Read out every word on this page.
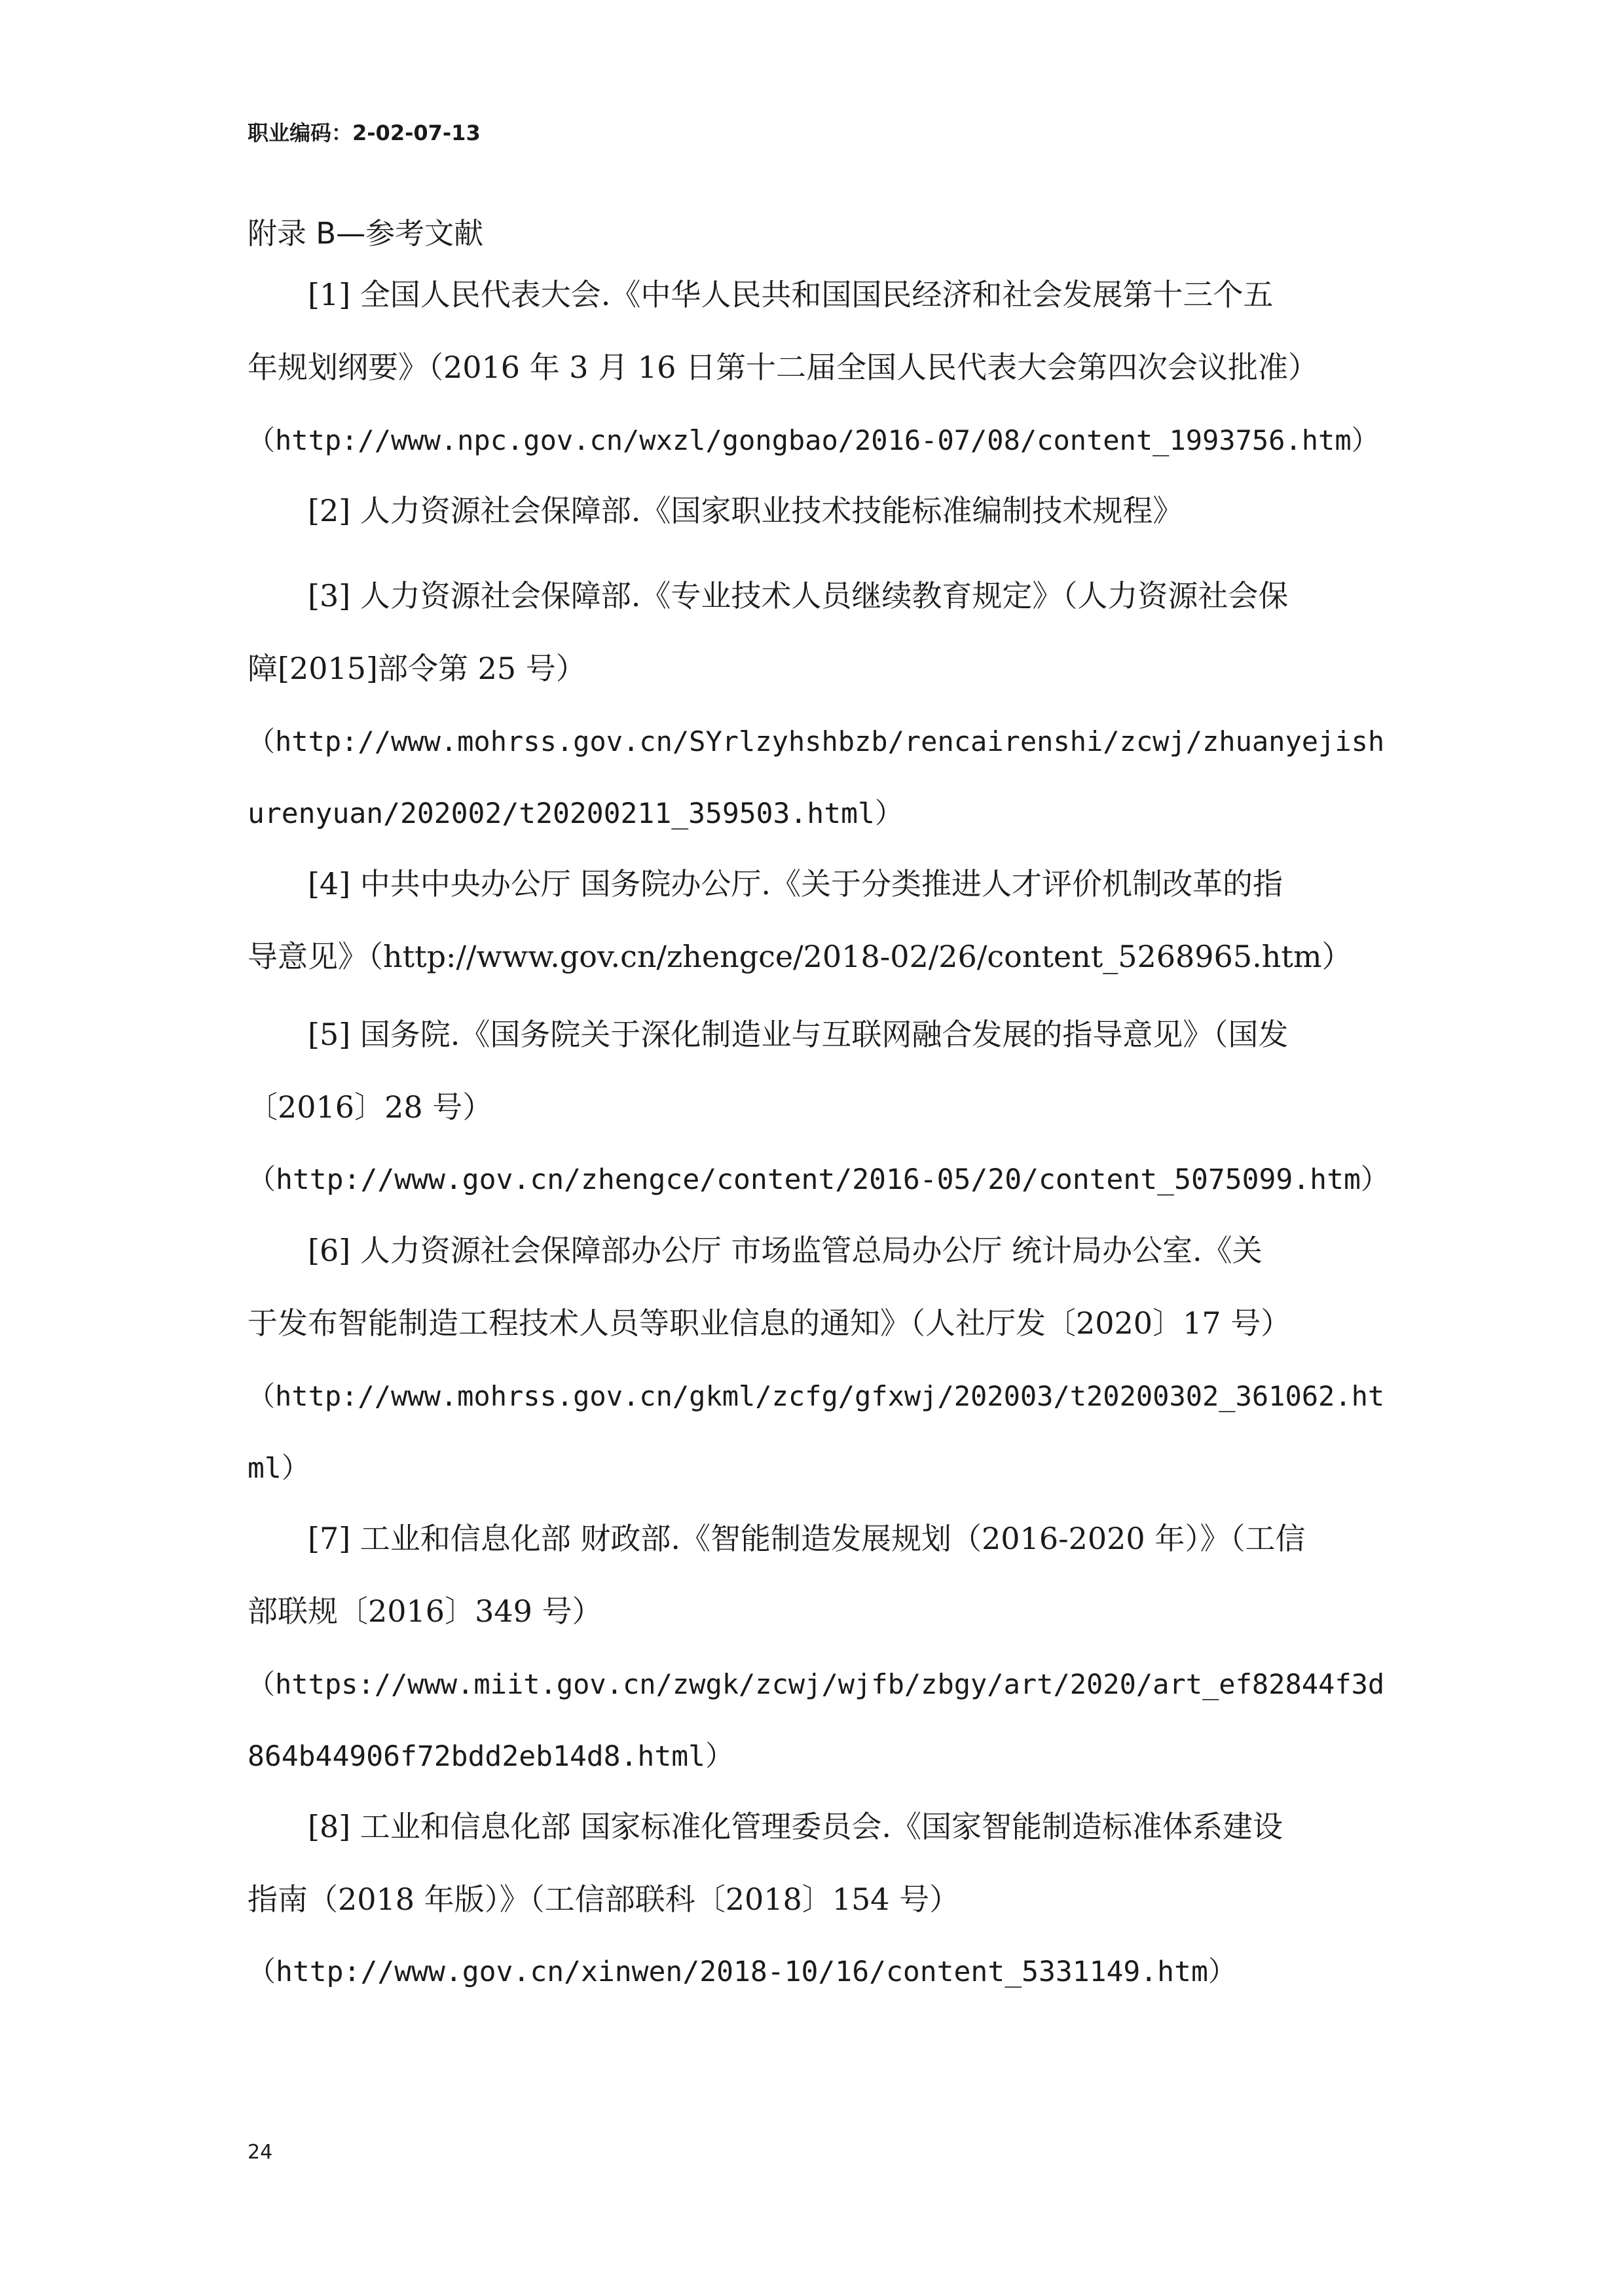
职业编码：2-02-07-13

附录 B—参考文献

[1] 全国人民代表大会.《中华人民共和国国民经济和社会发展第十三个五

年规划纲要》（2016 年 3 月 16 日第十二届全国人民代表大会第四次会议批准）

（http://www.npc.gov.cn/wxzl/gongbao/2016-07/08/content_1993756.htm）

[2] 人力资源社会保障部.《国家职业技术技能标准编制技术规程》

[3] 人力资源社会保障部.《专业技术人员继续教育规定》（人力资源社会保

障[2015]部令第 25 号）

（http://www.mohrss.gov.cn/SYrlzyhshbzb/rencairenshi/zcwj/zhuanyejish

urenyuan/202002/t20200211_359503.html）

[4] 中共中央办公厅 国务院办公厅.《关于分类推进人才评价机制改革的指

导意见》（http://www.gov.cn/zhengce/2018-02/26/content_5268965.htm）

[5] 国务院.《国务院关于深化制造业与互联网融合发展的指导意见》（国发

〔2016〕28 号）

（http://www.gov.cn/zhengce/content/2016-05/20/content_5075099.htm）

[6] 人力资源社会保障部办公厅 市场监管总局办公厅 统计局办公室.《关

于发布智能制造工程技术人员等职业信息的通知》（人社厅发〔2020〕17 号）

（http://www.mohrss.gov.cn/gkml/zcfg/gfxwj/202003/t20200302_361062.ht

ml）

[7] 工业和信息化部 财政部.《智能制造发展规划（2016-2020 年）》（工信

部联规〔2016〕349 号）

（https://www.miit.gov.cn/zwgk/zcwj/wjfb/zbgy/art/2020/art_ef82844f3d

864b44906f72bdd2eb14d8.html）

[8] 工业和信息化部 国家标准化管理委员会.《国家智能制造标准体系建设

指南（2018 年版）》（工信部联科〔2018〕154 号）

（http://www.gov.cn/xinwen/2018-10/16/content_5331149.htm）

24
